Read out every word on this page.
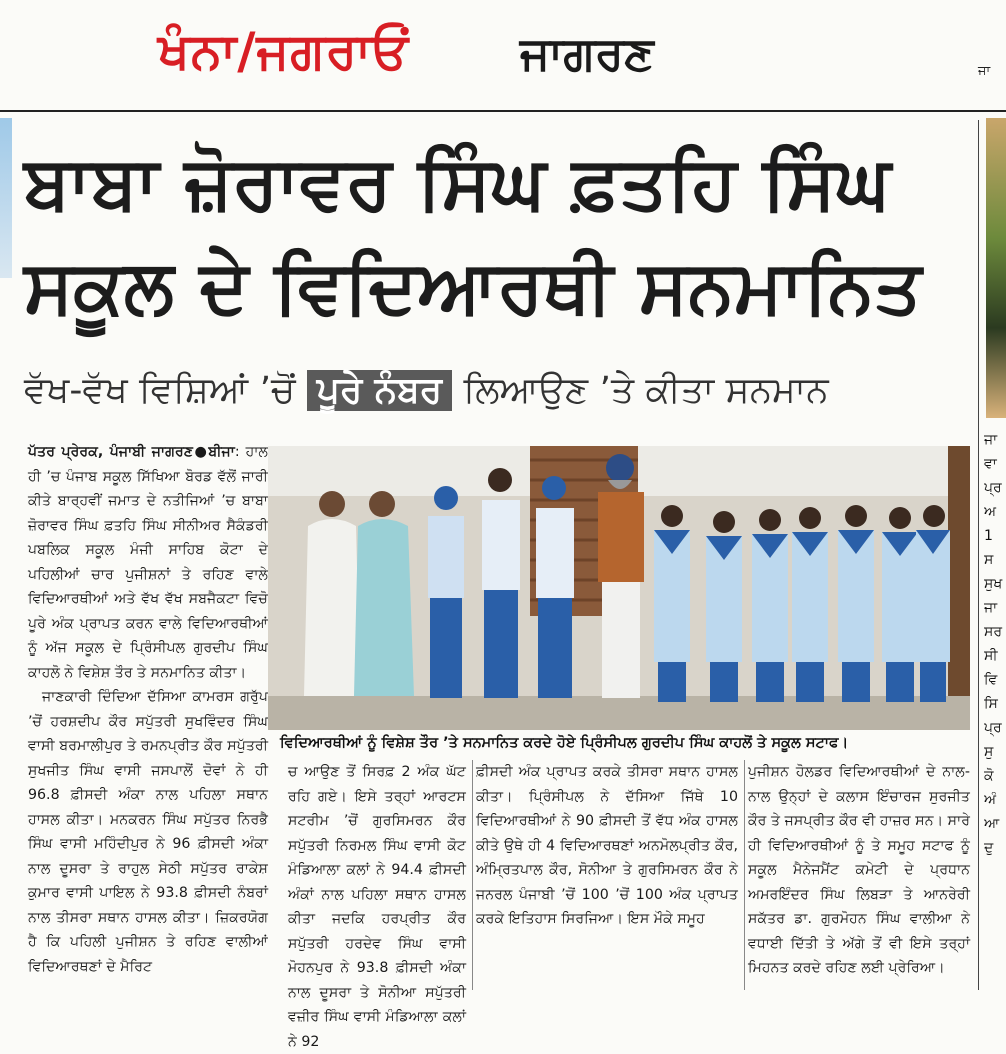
ਖੰਨਾ/ਜਗਰਾਓਂ ਜਾਗਰਣ	ਜਾ
ਬਾਬਾ ਜ਼ੋਰਾਵਰ ਸਿੰਘ ਫ਼ਤਹਿ ਸਿੰਘ
ਸਕੂਲ ਦੇ ਵਿਦਿਆਰਥੀ ਸਨਮਾਨਿਤ
ਵੱਖ-ਵੱਖ ਵਿਸ਼ਿਆਂ ’ਚੋਂ ਪੂਰੇ ਨੰਬਰ ਲਿਆਉਣ ’ਤੇ ਕੀਤਾ ਸਨਮਾਨ

ਪੱਤਰ ਪ੍ਰੇਰਕ, ਪੰਜਾਬੀ ਜਾਗਰਣ●ਬੀਜਾ: ਹਾਲ ਹੀ ’ਚ ਪੰਜਾਬ ਸਕੂਲ ਸਿੱਖਿਆ ਬੋਰਡ ਵੱਲੋਂ ਜਾਰੀ ਕੀਤੇ ਬਾਰ੍ਹਵੀਂ ਜਮਾਤ ਦੇ ਨਤੀਜਿਆਂ ’ਚ ਬਾਬਾ ਜ਼ੋਰਾਵਰ ਸਿੰਘ ਫ਼ਤਹਿ ਸਿੰਘ ਸੀਨੀਅਰ ਸੈਕੰਡਰੀ ਪਬਲਿਕ ਸਕੂਲ ਮੰਜੀ ਸਾਹਿਬ ਕੋਟਾ ਦੇ ਪਹਿਲੀਆਂ ਚਾਰ ਪੁਜੀਸ਼ਨਾਂ ਤੇ ਰਹਿਣ ਵਾਲੇ ਵਿਦਿਆਰਥੀਆਂ ਅਤੇ ਵੱਖ ਵੱਖ ਸਬਜੈਕਟਾ ਵਿਚੋ ਪੂਰੇ ਅੰਕ ਪ੍ਰਾਪਤ ਕਰਨ ਵਾਲੇ ਵਿਦਿਆਰਥੀਆਂ ਨੂੰ ਅੱਜ ਸਕੂਲ ਦੇ ਪ੍ਰਿੰਸੀਪਲ ਗੁਰਦੀਪ ਸਿੰਘ ਕਾਹਲੋ ਨੇ ਵਿਸ਼ੇਸ਼ ਤੌਰ ਤੇ ਸਨਮਾਨਿਤ ਕੀਤਾ।

ਜਾਣਕਾਰੀ ਦਿੰਦਿਆ ਦੱਸਿਆ ਕਾਮਰਸ ਗਰੁੱਪ ’ਚੋਂ ਹਰਸ਼ਦੀਪ ਕੌਰ ਸਪੁੱਤਰੀ ਸੁਖਵਿੰਦਰ ਸਿੰਘ ਵਾਸੀ ਬਰਮਾਲੀਪੁਰ ਤੇ ਰਮਨਪ੍ਰੀਤ ਕੌਰ ਸਪੁੱਤਰੀ ਸੁਖਜੀਤ ਸਿੰਘ ਵਾਸੀ ਜਸਪਾਲੋਂ ਦੋਵਾਂ ਨੇ ਹੀ 96.8 ਫ਼ੀਸਦੀ ਅੰਕਾ ਨਾਲ ਪਹਿਲਾ ਸਥਾਨ ਹਾਸਲ ਕੀਤਾ। ਮਨਕਰਨ ਸਿੰਘ ਸਪੁੱਤਰ ਨਿਰਭੈ ਸਿੰਘ ਵਾਸੀ ਮਹਿੰਦੀਪੁਰ ਨੇ 96 ਫ਼ੀਸਦੀ ਅੰਕਾ ਨਾਲ ਦੂਸਰਾ ਤੇ ਰਾਹੁਲ ਸੇਠੀ ਸਪੁੱਤਰ ਰਾਕੇਸ਼ ਕੁਮਾਰ ਵਾਸੀ ਪਾਇਲ ਨੇ 93.8 ਫ਼ੀਸਦੀ ਨੰਬਰਾਂ ਨਾਲ ਤੀਸਰਾ ਸਥਾਨ ਹਾਸਲ ਕੀਤਾ। ਜ਼ਿਕਰਯੋਗ ਹੈ ਕਿ ਪਹਿਲੀ ਪੁਜੀਸ਼ਨ ਤੇ ਰਹਿਣ ਵਾਲੀਆਂ ਵਿਦਿਆਰਥਣਾਂ ਦੇ ਮੈਰਿਟ

ਵਿਦਿਆਰਥੀਆਂ ਨੂੰ ਵਿਸ਼ੇਸ਼ ਤੌਰ ’ਤੇ ਸਨਮਾਨਿਤ ਕਰਦੇ ਹੋਏ ਪ੍ਰਿੰਸੀਪਲ ਗੁਰਦੀਪ ਸਿੰਘ ਕਾਹਲੋਂ ਤੇ ਸਕੂਲ ਸਟਾਫ।
ਚ ਆਉਣ ਤੋਂ ਸਿਰਫ਼ 2 ਅੰਕ ਘੱਟ ਰਹਿ ਗਏ। ਇਸੇ ਤਰ੍ਹਾਂ ਆਰਟਸ ਸਟਰੀਮ ’ਚੋਂ ਗੁਰਸਿਮਰਨ ਕੌਰ ਸਪੁੱਤਰੀ ਨਿਰਮਲ ਸਿੰਘ ਵਾਸੀ ਕੋਟ ਮੰਡਿਆਲਾ ਕਲਾਂ ਨੇ 94.4 ਫ਼ੀਸਦੀ ਅੰਕਾਂ ਨਾਲ ਪਹਿਲਾ ਸਥਾਨ ਹਾਸਲ ਕੀਤਾ ਜਦਕਿ ਹਰਪ੍ਰੀਤ ਕੌਰ ਸਪੁੱਤਰੀ ਹਰਦੇਵ ਸਿੰਘ ਵਾਸੀ ਮੋਹਨਪੁਰ ਨੇ 93.8 ਫ਼ੀਸਦੀ ਅੰਕਾ ਨਾਲ ਦੂਸਰਾ ਤੇ ਸੋਨੀਆ ਸਪੁੱਤਰੀ ਵਜ਼ੀਰ ਸਿੰਘ ਵਾਸੀ ਮੰਡਿਆਲਾ ਕਲਾਂ ਨੇ 92
ਫ਼ੀਸਦੀ ਅੰਕ ਪ੍ਰਾਪਤ ਕਰਕੇ ਤੀਸਰਾ ਸਥਾਨ ਹਾਸਲ ਕੀਤਾ। ਪ੍ਰਿੰਸੀਪਲ ਨੇ ਦੱਸਿਆ ਜਿੱਥੇ 10 ਵਿਦਿਆਰਥੀਆਂ ਨੇ 90 ਫ਼ੀਸਦੀ ਤੋਂ ਵੱਧ ਅੰਕ ਹਾਸਲ ਕੀਤੇ ਉਥੇ ਹੀ 4 ਵਿਦਿਆਰਥਣਾਂ ਅਨਮੋਲਪ੍ਰੀਤ ਕੌਰ, ਅੰਮ੍ਰਿਤਪਾਲ ਕੌਰ, ਸੋਨੀਆ ਤੇ ਗੁਰਸਿਮਰਨ ਕੌਰ ਨੇ ਜਨਰਲ ਪੰਜਾਬੀ ’ਚੋਂ 100 ’ਚੋਂ 100 ਅੰਕ ਪ੍ਰਾਪਤ ਕਰਕੇ ਇਤਿਹਾਸ ਸਿਰਜਿਆ। ਇਸ ਮੌਕੇ ਸਮੂਹ
ਪੁਜੀਸ਼ਨ ਹੋਲਡਰ ਵਿਦਿਆਰਥੀਆਂ ਦੇ ਨਾਲ-ਨਾਲ ਉਨ੍ਹਾਂ ਦੇ ਕਲਾਸ ਇੰਚਾਰਜ ਸੁਰਜੀਤ ਕੌਰ ਤੇ ਜਸਪ੍ਰੀਤ ਕੌਰ ਵੀ ਹਾਜ਼ਰ ਸਨ। ਸਾਰੇ ਹੀ ਵਿਦਿਆਰਥੀਆਂ ਨੂੰ ਤੇ ਸਮੂਹ ਸਟਾਫ ਨੂੰ ਸਕੂਲ ਮੈਨੇਜਮੈਂਟ ਕਮੇਟੀ ਦੇ ਪ੍ਰਧਾਨ ਅਮਰਇੰਦਰ ਸਿੰਘ ਲਿਬੜਾ ਤੇ ਆਨਰੇਰੀ ਸਕੱਤਰ ਡਾ. ਗੁਰਮੋਹਨ ਸਿੰਘ ਵਾਲੀਆ ਨੇ ਵਧਾਈ ਦਿੱਤੀ ਤੇ ਅੱਗੇ ਤੋਂ ਵੀ ਇਸੇ ਤਰ੍ਹਾਂ ਮਿਹਨਤ ਕਰਦੇ ਰਹਿਣ ਲਈ ਪ੍ਰੇਰਿਆ।
ਜਾ ਵਾ ਪ੍ਰ ਅ 1 ਸ ਸੁਖ ਜਾ ਸਰ ਸੀ ਵਿ ਸਿ ਪ੍ਰ ਸੁ ਕੋ ਅੰ ਆ ਦੁ
